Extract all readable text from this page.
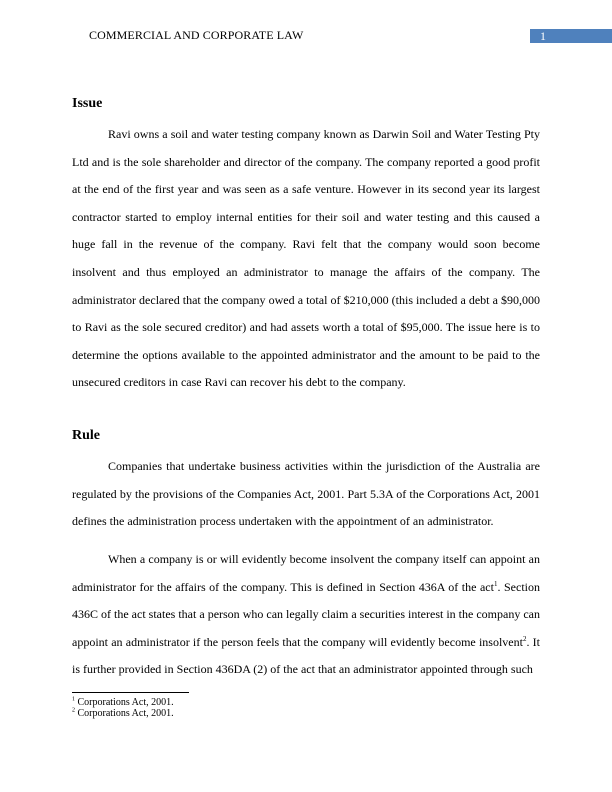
COMMERCIAL AND CORPORATE LAW	1
Issue

Ravi owns a soil and water testing company known as Darwin Soil and Water Testing Pty Ltd and is the sole shareholder and director of the company. The company reported a good profit at the end of the first year and was seen as a safe venture. However in its second year its largest contractor started to employ internal entities for their soil and water testing and this caused a huge fall in the revenue of the company. Ravi felt that the company would soon become insolvent and thus employed an administrator to manage the affairs of the company. The administrator declared that the company owed a total of $210,000 (this included a debt a $90,000 to Ravi as the sole secured creditor) and had assets worth a total of $95,000. The issue here is to determine the options available to the appointed administrator and the amount to be paid to the unsecured creditors in case Ravi can recover his debt to the company.

Rule

Companies that undertake business activities within the jurisdiction of the Australia are regulated by the provisions of the Companies Act, 2001. Part 5.3A of the Corporations Act, 2001 defines the administration process undertaken with the appointment of an administrator.

When a company is or will evidently become insolvent the company itself can appoint an administrator for the affairs of the company. This is defined in Section 436A of the act$^1$. Section 436C of the act states that a person who can legally claim a securities interest in the company can appoint an administrator if the person feels that the company will evidently become insolvent$^2$. It is further provided in Section 436DA (2) of the act that an administrator appointed through such

$^1$ Corporations Act, 2001.
$^2$ Corporations Act, 2001.
